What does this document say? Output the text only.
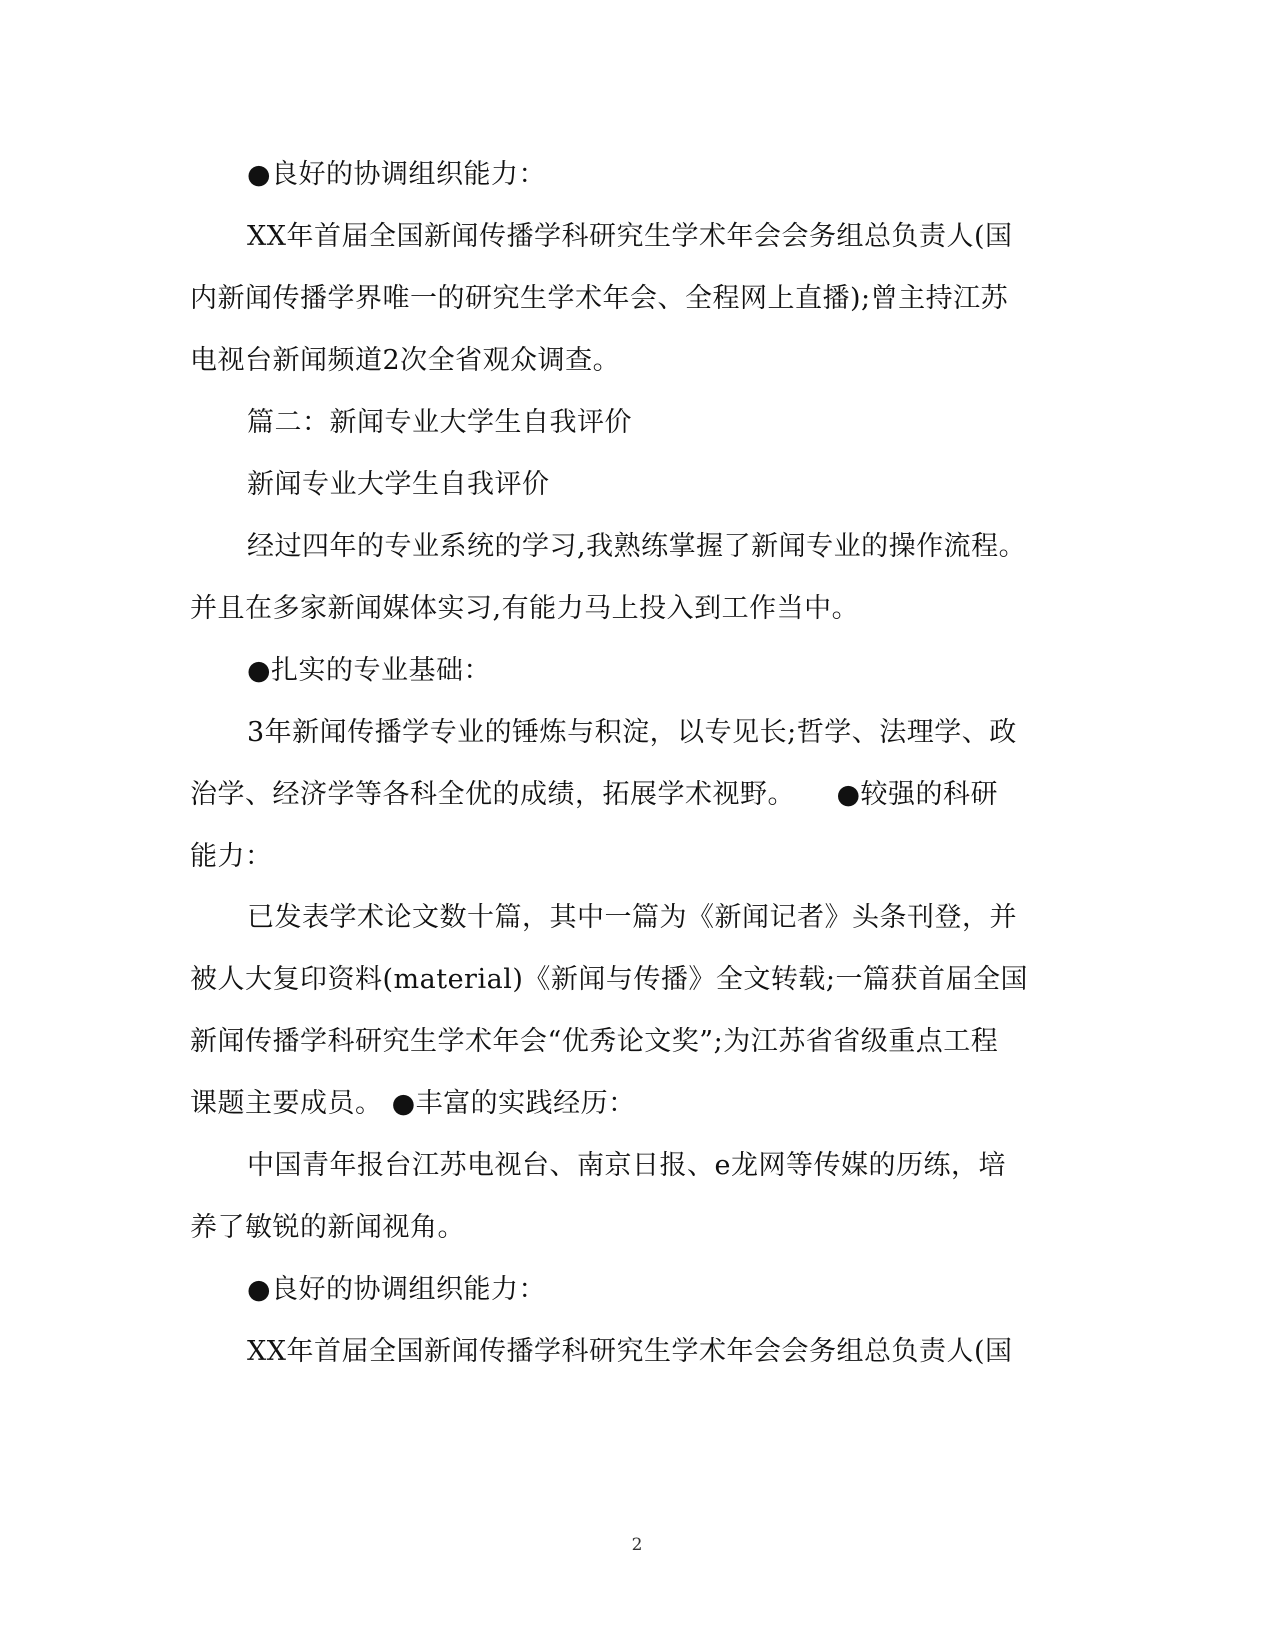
●良好的协调组织能力：
XX年首届全国新闻传播学科研究生学术年会会务组总负责人(国
内新闻传播学界唯一的研究生学术年会、全程网上直播);曾主持江苏
电视台新闻频道2次全省观众调查。
篇二：新闻专业大学生自我评价
新闻专业大学生自我评价
经过四年的专业系统的学习,我熟练掌握了新闻专业的操作流程。
并且在多家新闻媒体实习,有能力马上投入到工作当中。
●扎实的专业基础：
3年新闻传播学专业的锤炼与积淀，以专见长;哲学、法理学、政
治学、经济学等各科全优的成绩，拓展学术视野。　　●较强的科研
能力：
已发表学术论文数十篇，其中一篇为《新闻记者》头条刊登，并
被人大复印资料(material)《新闻与传播》全文转载;一篇获首届全国
新闻传播学科研究生学术年会“优秀论文奖”;为江苏省省级重点工程
课题主要成员。 ●丰富的实践经历：
中国青年报台江苏电视台、南京日报、e龙网等传媒的历练，培
养了敏锐的新闻视角。
●良好的协调组织能力：
XX年首届全国新闻传播学科研究生学术年会会务组总负责人(国
2
